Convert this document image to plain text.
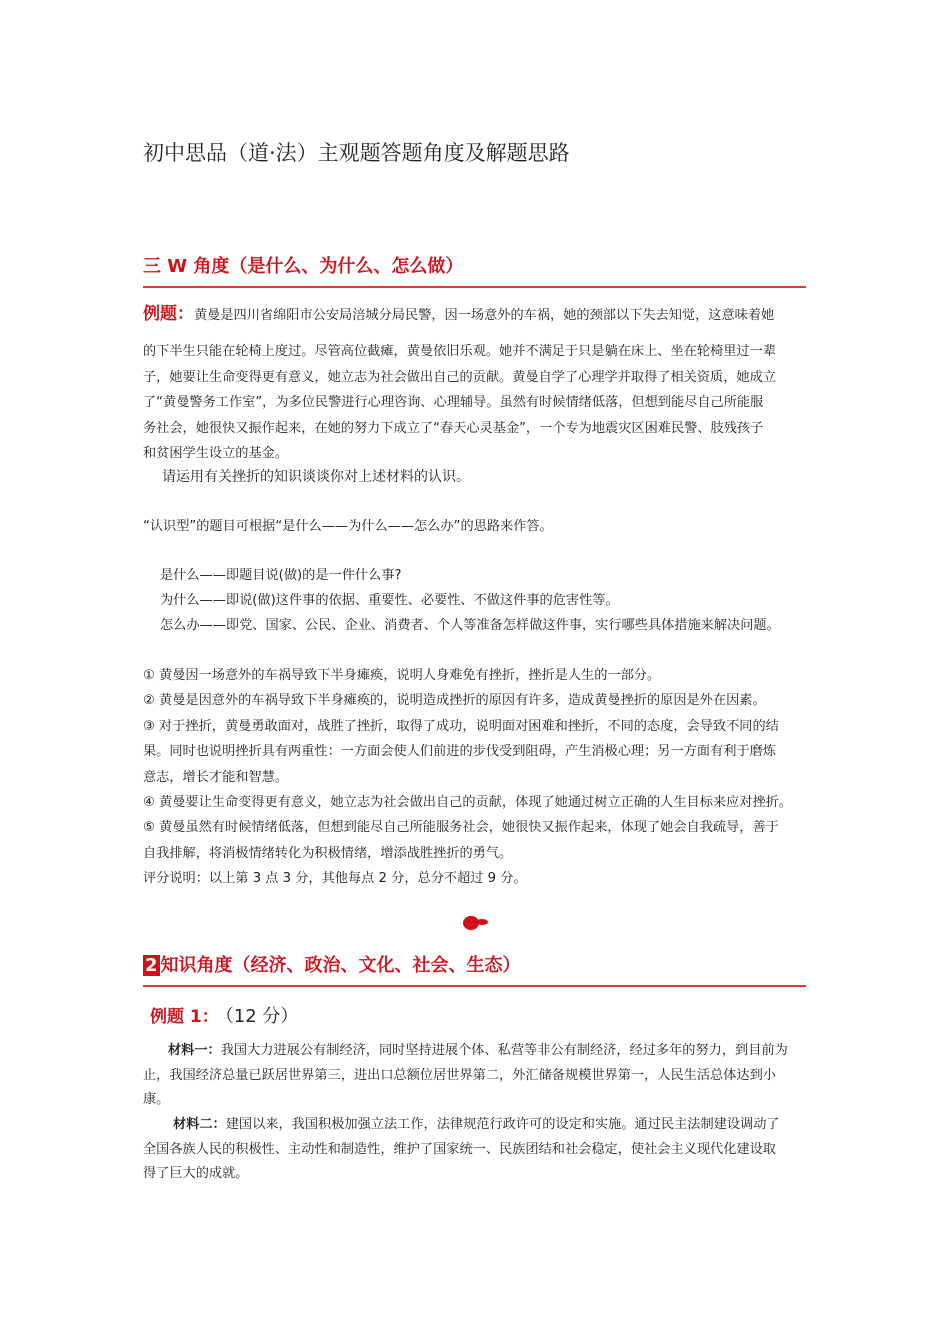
初中思品（道·法）主观题答题角度及解题思路
三 W 角度（是什么、为什么、怎么做）
例题：黄曼是四川省绵阳市公安局涪城分局民警，因一场意外的车祸，她的颈部以下失去知觉，这意味着她
的下半生只能在轮椅上度过。尽管高位截瘫，黄曼依旧乐观。她并不满足于只是躺在床上、坐在轮椅里过一辈
子，她要让生命变得更有意义，她立志为社会做出自己的贡献。黄曼自学了心理学并取得了相关资质，她成立
了“黄曼警务工作室”，为多位民警进行心理咨询、心理辅导。虽然有时候情绪低落，但想到能尽自己所能服
务社会，她很快又振作起来，在她的努力下成立了“春天心灵基金”，一个专为地震灾区困难民警、肢残孩子
和贫困学生设立的基金。
请运用有关挫折的知识谈谈你对上述材料的认识。
“认识型”的题目可根据“是什么——为什么——怎么办”的思路来作答。
是什么——即题目说(做)的是一件什么事?
为什么——即说(做)这件事的依据、重要性、必要性、不做这件事的危害性等。
怎么办——即党、国家、公民、企业、消费者、个人等准备怎样做这件事，实行哪些具体措施来解决问题。
① 黄曼因一场意外的车祸导致下半身瘫痪，说明人身难免有挫折，挫折是人生的一部分。
② 黄曼是因意外的车祸导致下半身瘫痪的，说明造成挫折的原因有许多，造成黄曼挫折的原因是外在因素。
③ 对于挫折，黄曼勇敢面对，战胜了挫折，取得了成功，说明面对困难和挫折，不同的态度，会导致不同的结
果。同时也说明挫折具有两重性：一方面会使人们前进的步伐受到阻碍，产生消极心理；另一方面有利于磨炼
意志，增长才能和智慧。
④ 黄曼要让生命变得更有意义，她立志为社会做出自己的贡献，体现了她通过树立正确的人生目标来应对挫折。
⑤ 黄曼虽然有时候情绪低落，但想到能尽自己所能服务社会，她很快又振作起来，体现了她会自我疏导，善于
自我排解，将消极情绪转化为积极情绪，增添战胜挫折的勇气。
评分说明：以上第 3 点 3 分，其他每点 2 分，总分不超过 9 分。
2 知识角度（经济、政治、文化、社会、生态）
例题 1： （12 分）
材料一：我国大力进展公有制经济，同时坚持进展个体、私营等非公有制经济，经过多年的努力，到目前为
止，我国经济总量已跃居世界第三，进出口总额位居世界第二，外汇储备规模世界第一，人民生活总体达到小
康。
材料二：建国以来，我国积极加强立法工作，法律规范行政许可的设定和实施。通过民主法制建设调动了
全国各族人民的积极性、主动性和制造性，维护了国家统一、民族团结和社会稳定，使社会主义现代化建设取
得了巨大的成就。
